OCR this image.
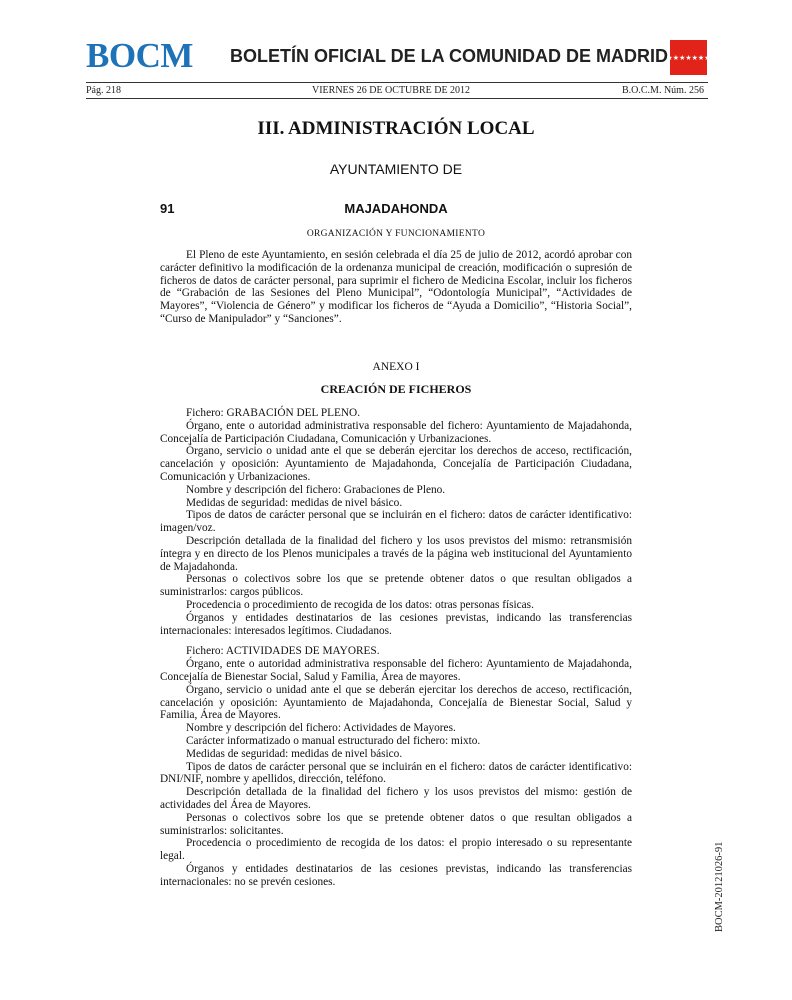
BOCM BOLETÍN OFICIAL DE LA COMUNIDAD DE MADRID
★★★★★★★
Pág. 218	VIERNES 26 DE OCTUBRE DE 2012	B.O.C.M. Núm. 256
III. ADMINISTRACIÓN LOCAL
AYUNTAMIENTO DE
91	MAJADAHONDA
ORGANIZACIÓN Y FUNCIONAMIENTO

El Pleno de este Ayuntamiento, en sesión celebrada el día 25 de julio de 2012, acordó aprobar con carácter definitivo la modificación de la ordenanza municipal de creación, modificación o supresión de ficheros de datos de carácter personal, para suprimir el fichero de Medicina Escolar, incluir los ficheros de “Grabación de las Sesiones del Pleno Municipal”, “Odontología Municipal”, “Actividades de Mayores”, “Violencia de Género” y modificar los ficheros de “Ayuda a Domicilio”, “Historia Social”, “Curso de Manipulador” y “Sanciones”.

ANEXO I
CREACIÓN DE FICHEROS

Fichero: GRABACIÓN DEL PLENO.

Órgano, ente o autoridad administrativa responsable del fichero: Ayuntamiento de Majadahonda, Concejalía de Participación Ciudadana, Comunicación y Urbanizaciones.

Órgano, servicio o unidad ante el que se deberán ejercitar los derechos de acceso, rectificación, cancelación y oposición: Ayuntamiento de Majadahonda, Concejalía de Participación Ciudadana, Comunicación y Urbanizaciones.

Nombre y descripción del fichero: Grabaciones de Pleno.

Medidas de seguridad: medidas de nivel básico.

Tipos de datos de carácter personal que se incluirán en el fichero: datos de carácter identificativo: imagen/voz.

Descripción detallada de la finalidad del fichero y los usos previstos del mismo: retransmisión íntegra y en directo de los Plenos municipales a través de la página web institucional del Ayuntamiento de Majadahonda.

Personas o colectivos sobre los que se pretende obtener datos o que resultan obligados a suministrarlos: cargos públicos.

Procedencia o procedimiento de recogida de los datos: otras personas físicas.

Órganos y entidades destinatarios de las cesiones previstas, indicando las transferencias internacionales: interesados legítimos. Ciudadanos.

Fichero: ACTIVIDADES DE MAYORES.

Órgano, ente o autoridad administrativa responsable del fichero: Ayuntamiento de Majadahonda, Concejalía de Bienestar Social, Salud y Familia, Área de mayores.

Órgano, servicio o unidad ante el que se deberán ejercitar los derechos de acceso, rectificación, cancelación y oposición: Ayuntamiento de Majadahonda, Concejalía de Bienestar Social, Salud y Familia, Área de Mayores.

Nombre y descripción del fichero: Actividades de Mayores.

Carácter informatizado o manual estructurado del fichero: mixto.

Medidas de seguridad: medidas de nivel básico.

Tipos de datos de carácter personal que se incluirán en el fichero: datos de carácter identificativo: DNI/NIF, nombre y apellidos, dirección, teléfono.

Descripción detallada de la finalidad del fichero y los usos previstos del mismo: gestión de actividades del Área de Mayores.

Personas o colectivos sobre los que se pretende obtener datos o que resultan obligados a suministrarlos: solicitantes.

Procedencia o procedimiento de recogida de los datos: el propio interesado o su representante legal.

Órganos y entidades destinatarios de las cesiones previstas, indicando las transferencias internacionales: no se prevén cesiones.	BOCM-20121026-91
